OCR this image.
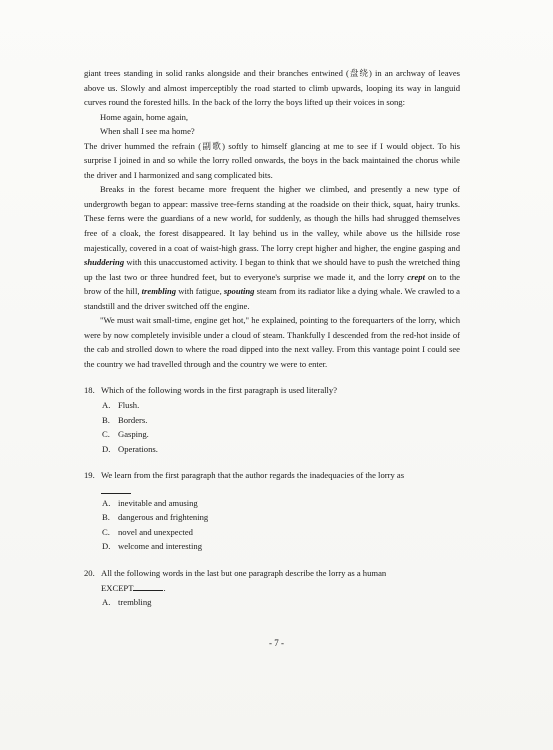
giant trees standing in solid ranks alongside and their branches entwined (盘绕) in an archway of leaves above us. Slowly and almost imperceptibly the road started to climb upwards, looping its way in languid curves round the forested hills. In the back of the lorry the boys lifted up their voices in song:

Home again, home again,

When shall I see ma home?

The driver hummed the refrain (副歌) softly to himself glancing at me to see if I would object. To his surprise I joined in and so while the lorry rolled onwards, the boys in the back maintained the chorus while the driver and I harmonized and sang complicated bits.

Breaks in the forest became more frequent the higher we climbed, and presently a new type of undergrowth began to appear: massive tree-ferns standing at the roadside on their thick, squat, hairy trunks. These ferns were the guardians of a new world, for suddenly, as though the hills had shrugged themselves free of a cloak, the forest disappeared. It lay behind us in the valley, while above us the hillside rose majestically, covered in a coat of waist-high grass. The lorry crept higher and higher, the engine gasping and shuddering with this unaccustomed activity. I began to think that we should have to push the wretched thing up the last two or three hundred feet, but to everyone's surprise we made it, and the lorry crept on to the brow of the hill, trembling with fatigue, spouting steam from its radiator like a dying whale. We crawled to a standstill and the driver switched off the engine.

"We must wait small-time, engine get hot," he explained, pointing to the forequarters of the lorry, which were by now completely invisible under a cloud of steam. Thankfully I descended from the red-hot inside of the cab and strolled down to where the road dipped into the next valley. From this vantage point I could see the country we had travelled through and the country we were to enter.

18. Which of the following words in the first paragraph is used literally?
A. Flush.
B. Borders.
C. Gasping.
D. Operations.
19. We learn from the first paragraph that the author regards the inadequacies of the lorry as
A. inevitable and amusing
B. dangerous and frightening
C. novel and unexpected
D. welcome and interesting
20. All the following words in the last but one paragraph describe the lorry as a human
EXCEPT	.
A. trembling
- 7 -
